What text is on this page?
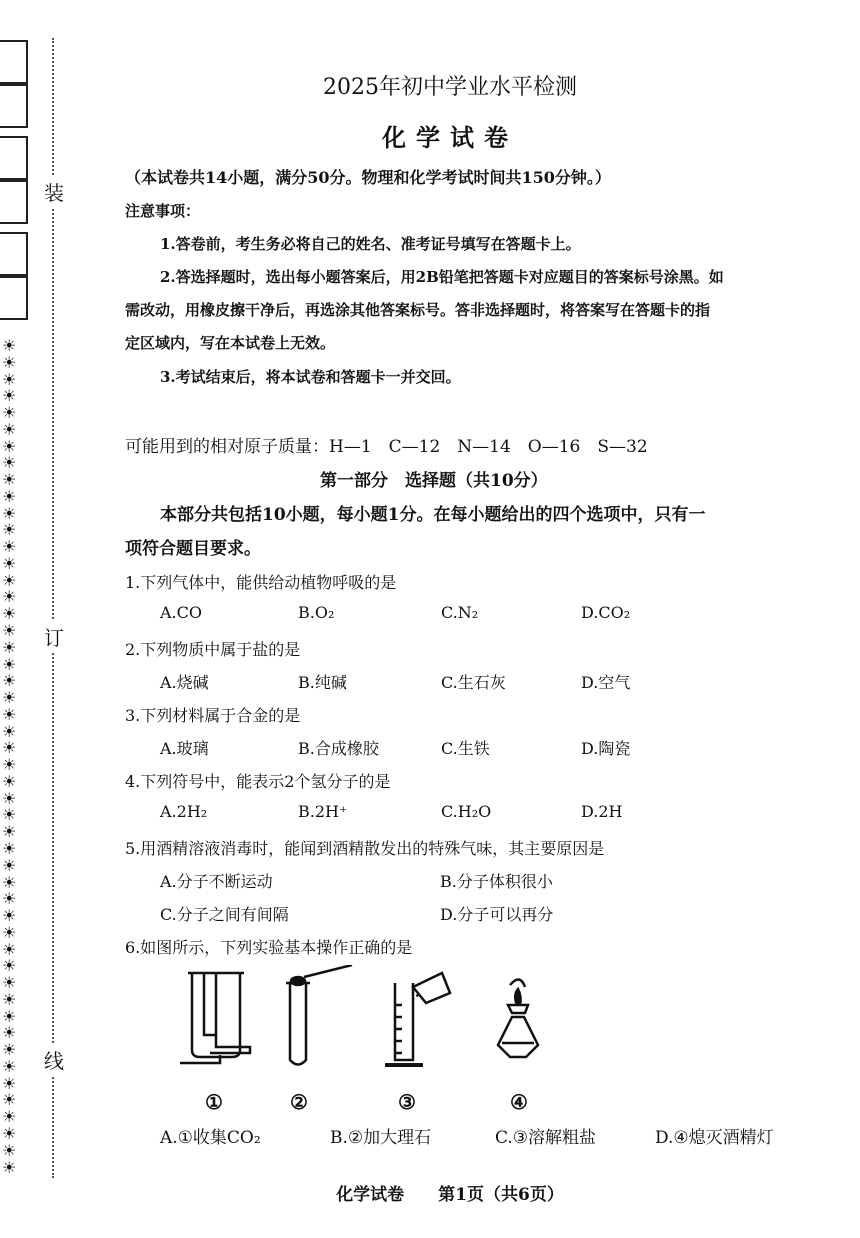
☀
☀
☀
☀
☀
☀
☀
☀
☀
☀
☀
☀
☀
☀
☀
☀
☀
☀
☀
☀
☀
☀
☀
☀
☀
☀
☀
☀
☀
☀
☀
☀
☀
☀
☀
☀
☀
☀
☀
☀
☀
☀
☀
☀
☀
☀
☀
☀
☀
☀
装
订
线
2025年初中学业水平检测
化学试卷
（本试卷共14小题，满分50分。物理和化学考试时间共150分钟。）
注意事项：
1.答卷前，考生务必将自己的姓名、准考证号填写在答题卡上。
2.答选择题时，选出每小题答案后，用2B铅笔把答题卡对应题目的答案标号涂黑。如
需改动，用橡皮擦干净后，再选涂其他答案标号。答非选择题时，将答案写在答题卡的指
定区域内，写在本试卷上无效。
3.考试结束后，将本试卷和答题卡一并交回。
可能用到的相对原子质量：H—1　C—12　N—14　O—16　S—32
第一部分　选择题（共10分）
本部分共包括10小题，每小题1分。在每小题给出的四个选项中，只有一
项符合题目要求。
1.下列气体中，能供给动植物呼吸的是
A.CO	B.O₂	C.N₂	D.CO₂
2.下列物质中属于盐的是
A.烧碱	B.纯碱	C.生石灰	D.空气
3.下列材料属于合金的是
A.玻璃	B.合成橡胶	C.生铁	D.陶瓷
4.下列符号中，能表示2个氢分子的是
A.2H₂	B.2H⁺	C.H₂O	D.2H
5.用酒精溶液消毒时，能闻到酒精散发出的特殊气味，其主要原因是
A.分子不断运动	B.分子体积很小
C.分子之间有间隔	D.分子可以再分
6.如图所示，下列实验基本操作正确的是
①	②	③	④
A.①收集CO₂	B.②加大理石	C.③溶解粗盐	D.④熄灭酒精灯
化学试卷　　第1页（共6页）
